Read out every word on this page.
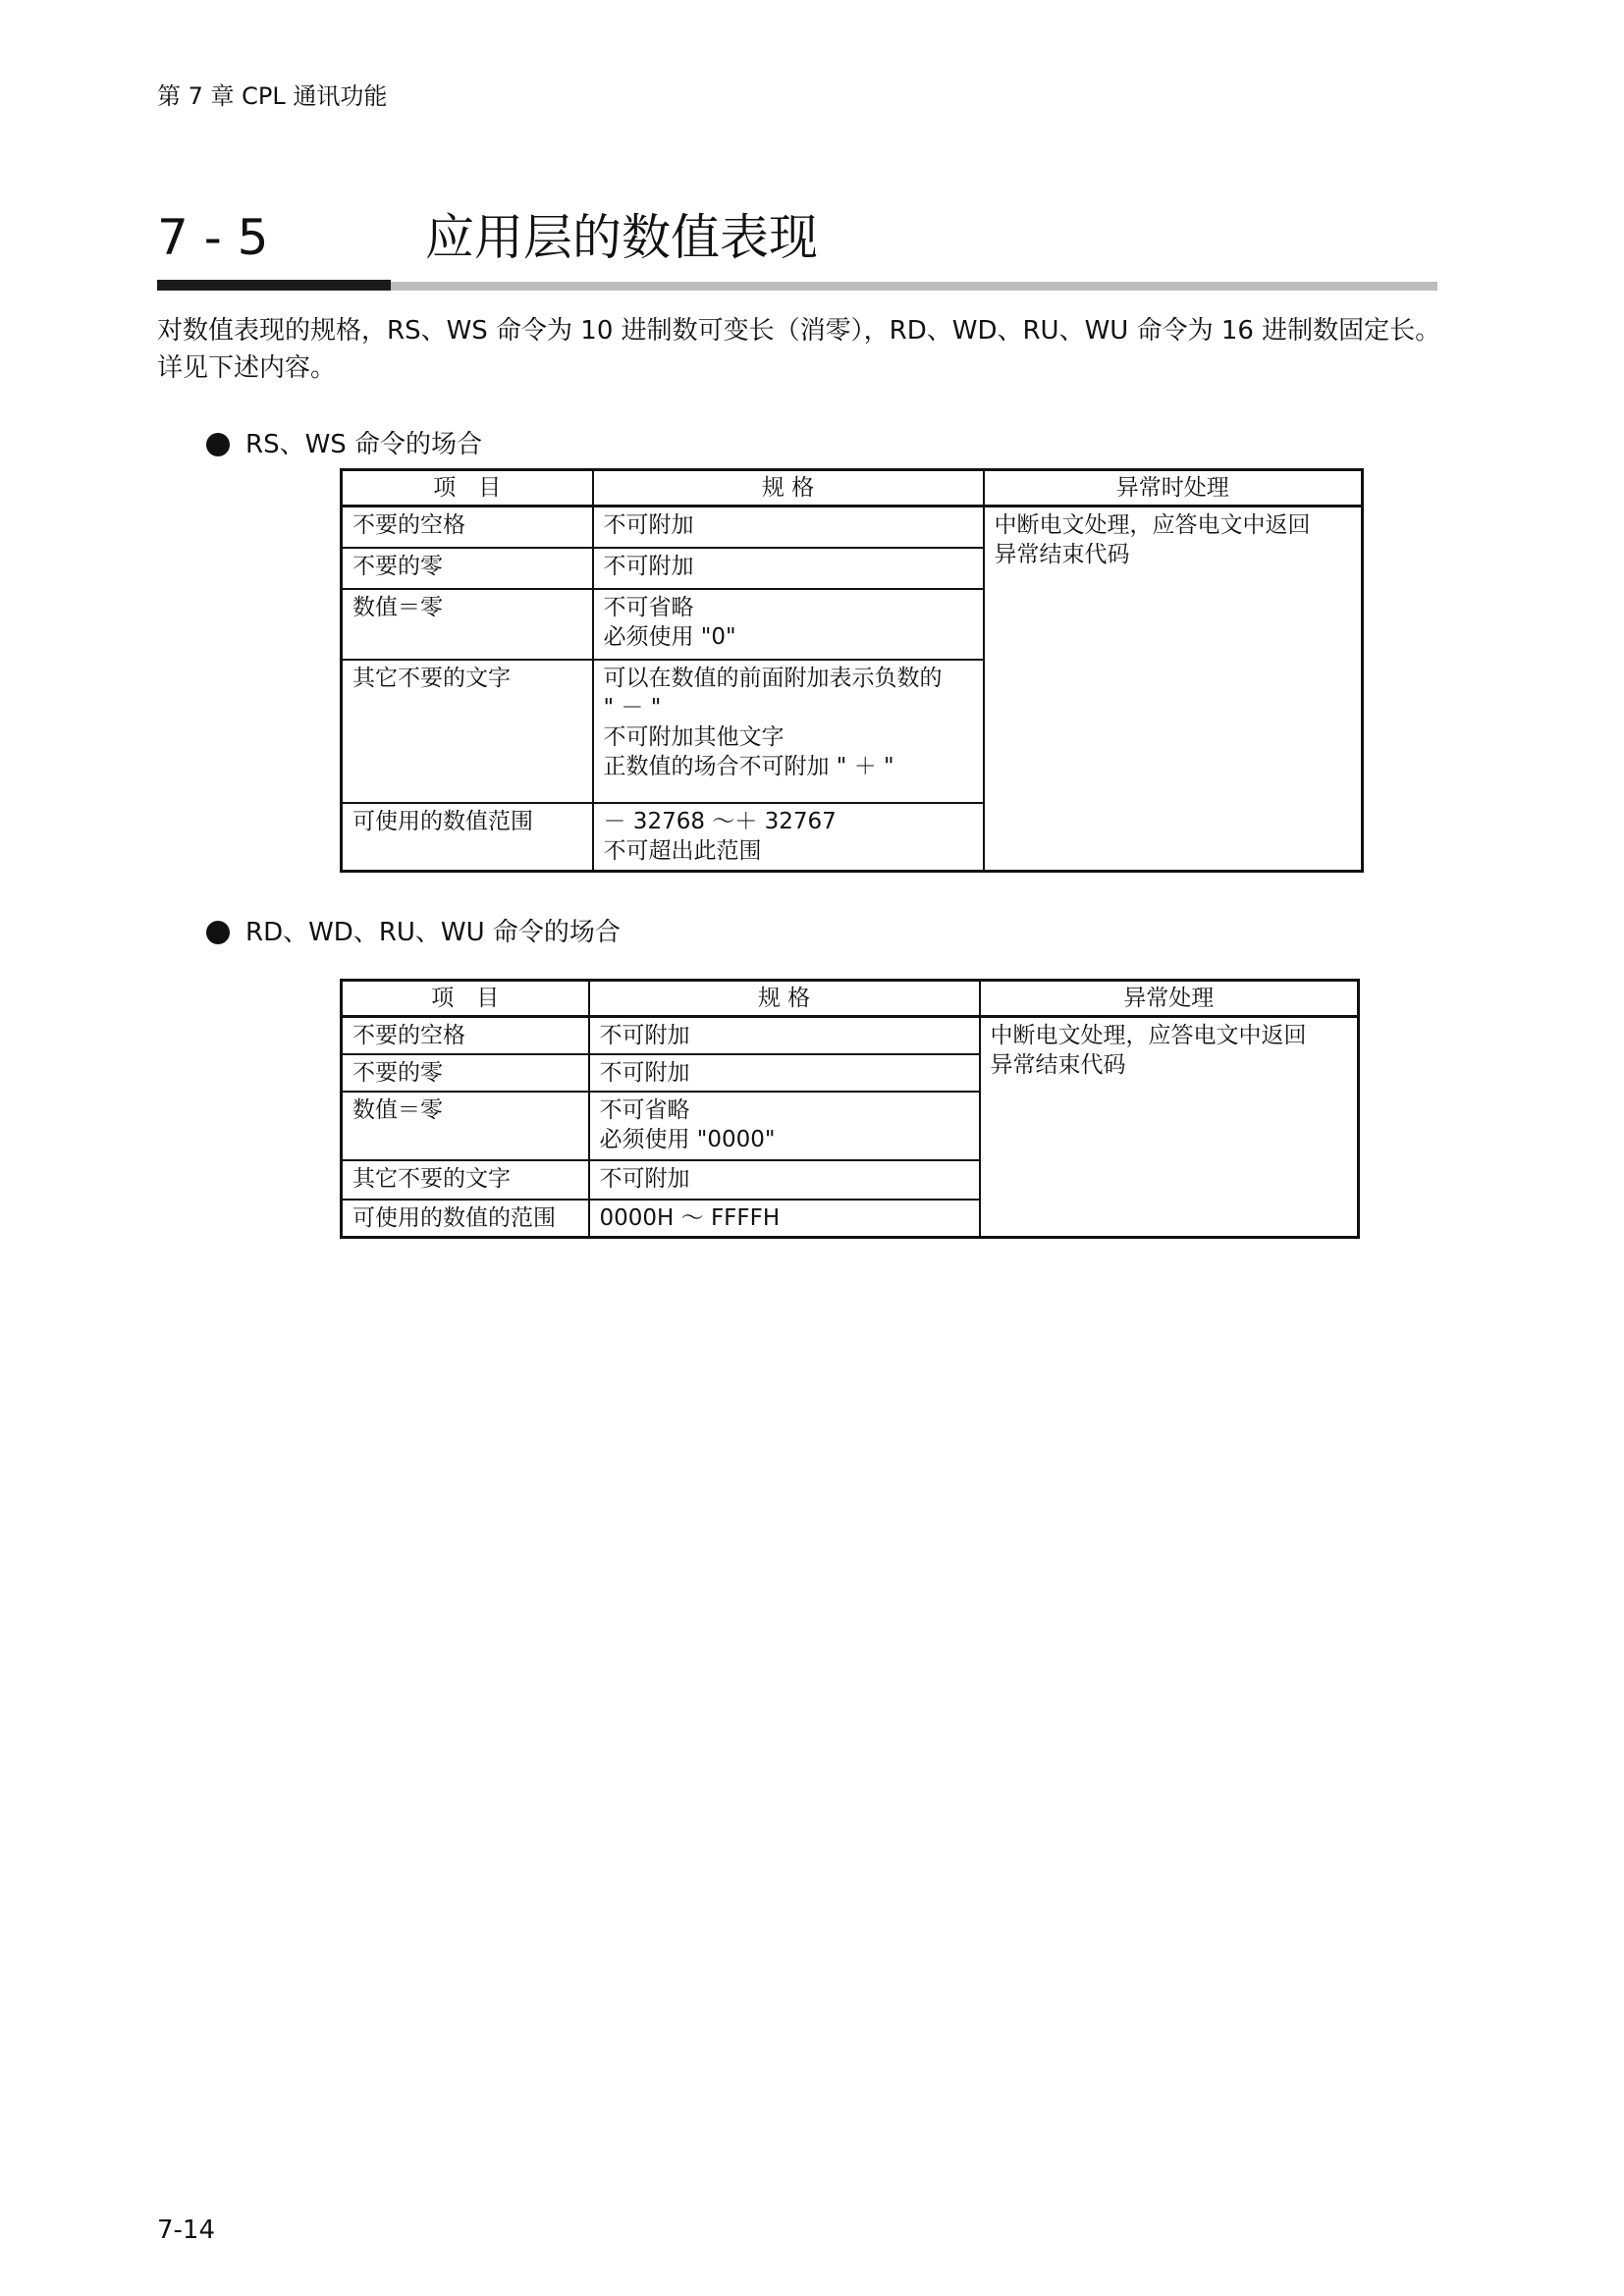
第 7 章 CPL 通讯功能
7 - 5	应用层的数值表现

对数值表现的规格，RS、WS 命令为 10 进制数可变长（消零），RD、WD、RU、WU 命令为 16 进制数固定长。

详见下述内容。

RS、WS 命令的场合
项　目	规 格	异常时处理
不要的空格	不可附加	中断电文处理，应答电文中返回
异常结束代码

不要的零	不可附加	

数值＝零	不可省略
必须使用 "0"	

其它不要的文字	可以在数值的前面附加表示负数的
" － "
不可附加其他文字
正数值的场合不可附加 " ＋ "	

可使用的数值范围	－ 32768 ～＋ 32767
不可超出此范围	
RD、WD、RU、WU 命令的场合
项　目	规 格	异常处理
不要的空格	不可附加	中断电文处理，应答电文中返回
异常结束代码

不要的零	不可附加	

数值＝零	不可省略
必须使用 "0000"	

其它不要的文字	不可附加	

可使用的数值的范围	0000H ～ FFFFH	
7-14
